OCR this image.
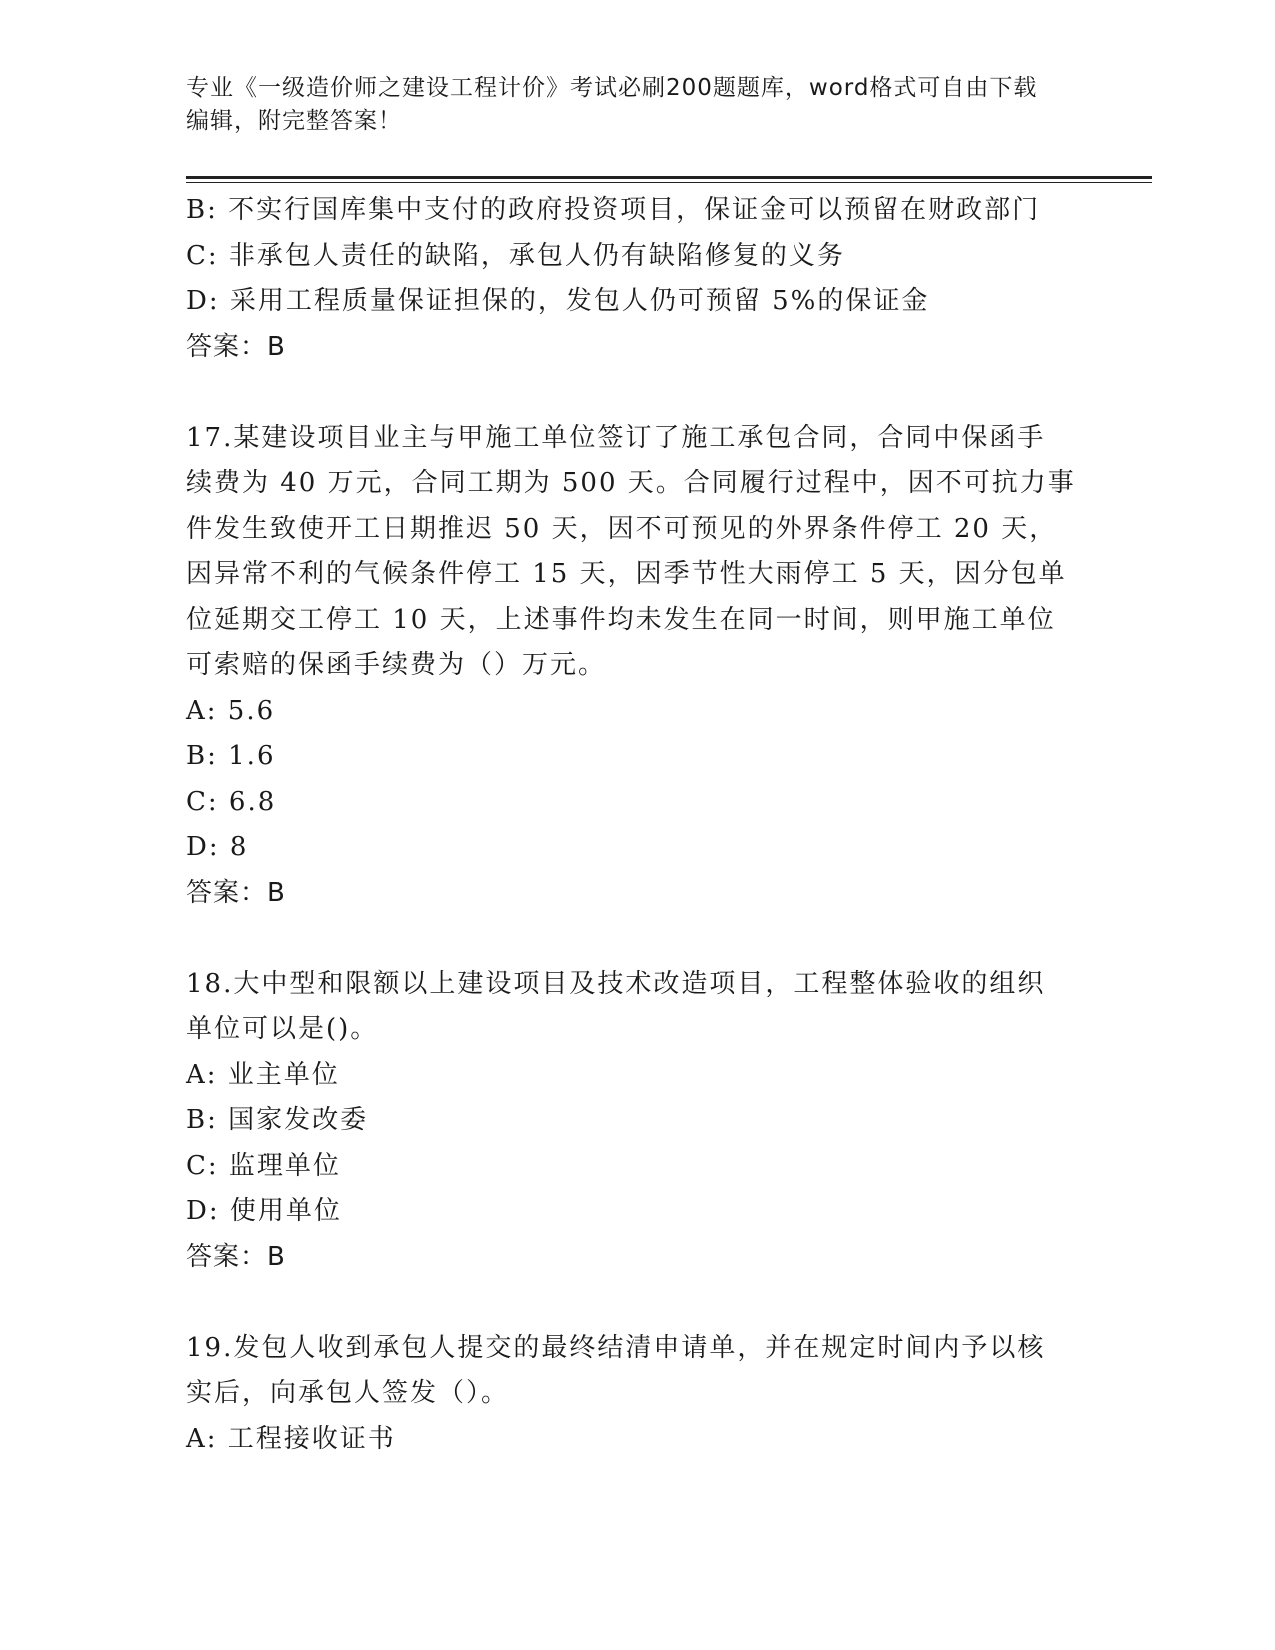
专业《一级造价师之建设工程计价》考试必刷200题题库，word格式可自由下载
编辑，附完整答案！
B: 不实行国库集中支付的政府投资项目，保证金可以预留在财政部门
C: 非承包人责任的缺陷，承包人仍有缺陷修复的义务
D: 采用工程质量保证担保的，发包人仍可预留 5%的保证金
答案：B
17.某建设项目业主与甲施工单位签订了施工承包合同，合同中保函手
续费为 40 万元，合同工期为 500 天。合同履行过程中，因不可抗力事
件发生致使开工日期推迟 50 天，因不可预见的外界条件停工 20 天，
因异常不利的气候条件停工 15 天，因季节性大雨停工 5 天，因分包单
位延期交工停工 10 天，上述事件均未发生在同一时间，则甲施工单位
可索赔的保函手续费为（）万元。
A: 5.6
B: 1.6
C: 6.8
D: 8
答案：B
18.大中型和限额以上建设项目及技术改造项目，工程整体验收的组织
单位可以是()。
A: 业主单位
B: 国家发改委
C: 监理单位
D: 使用单位
答案：B
19.发包人收到承包人提交的最终结清申请单，并在规定时间内予以核
实后，向承包人签发（）。
A: 工程接收证书
